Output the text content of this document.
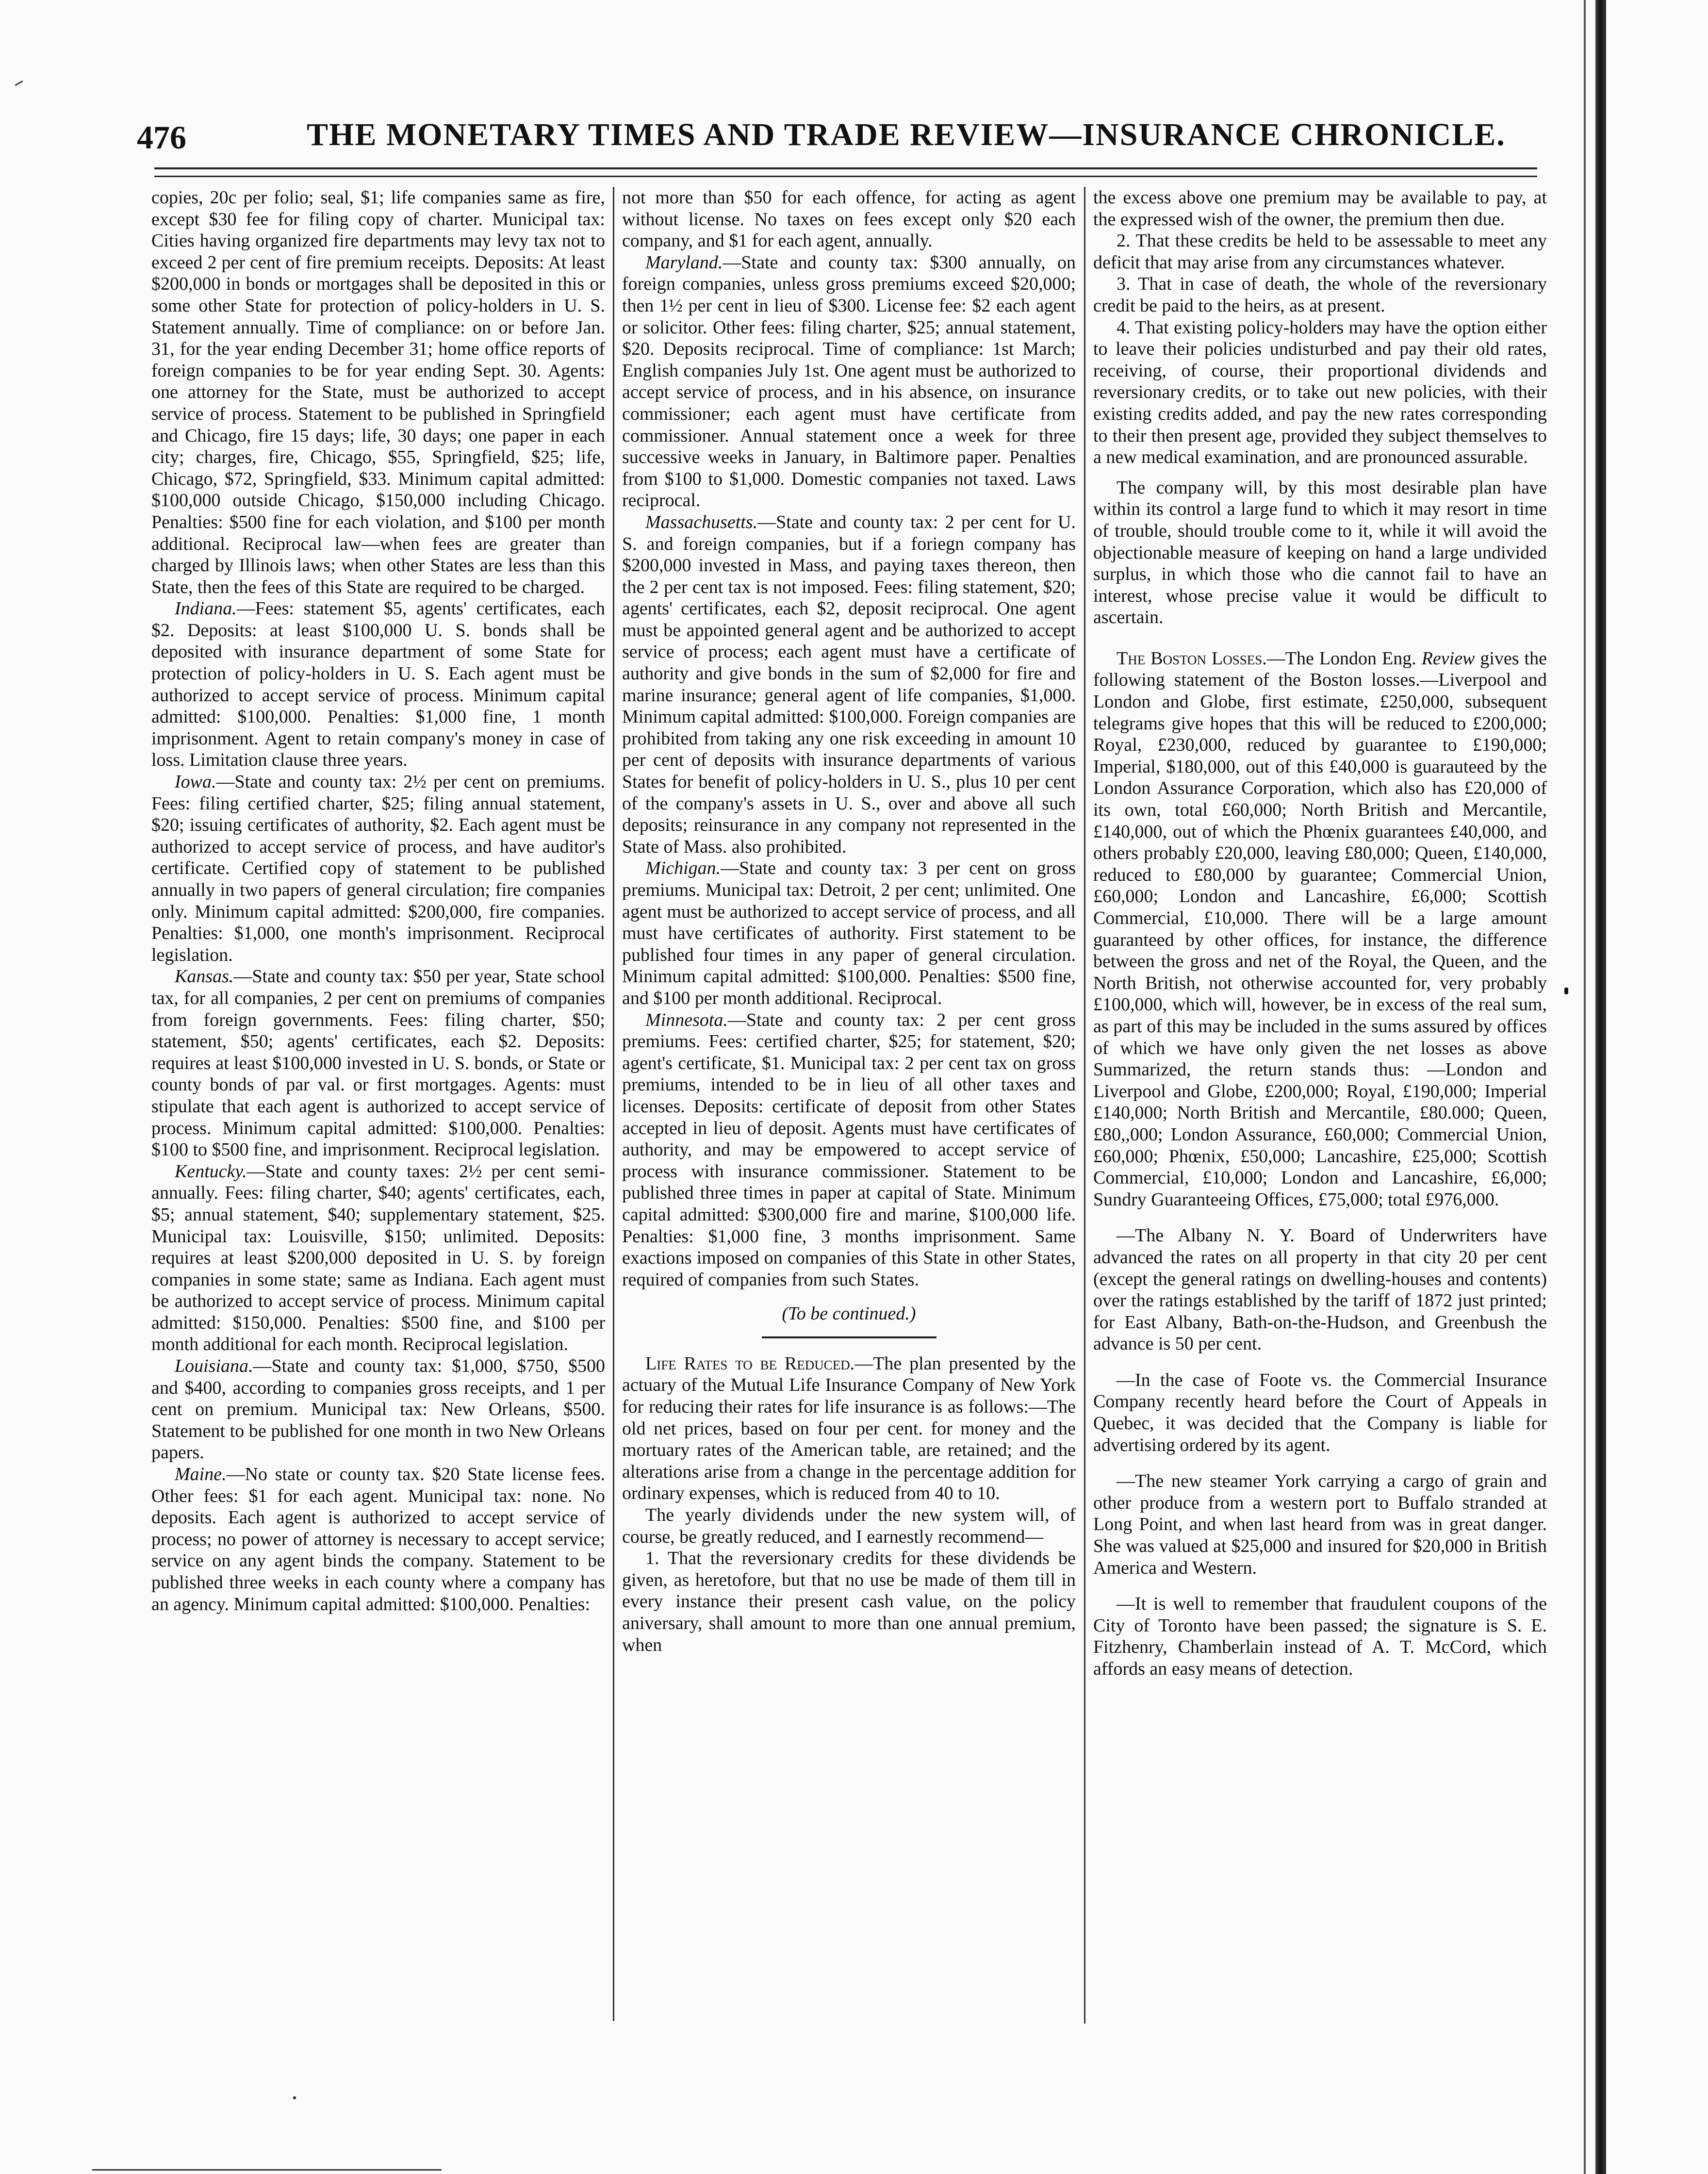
476	THE MONETARY TIMES AND TRADE REVIEW—INSURANCE CHRONICLE.

copies, 20c per folio; seal, $1; life companies same as fire, except $30 fee for filing copy of charter. Municipal tax: Cities having organized fire departments may levy tax not to exceed 2 per cent of fire premium receipts. Deposits: At least $200,000 in bonds or mortgages shall be deposited in this or some other State for protection of policy-holders in U. S. Statement annually. Time of compliance: on or before Jan. 31, for the year ending December 31; home office reports of foreign companies to be for year ending Sept. 30. Agents: one attorney for the State, must be authorized to accept service of process. Statement to be published in Springfield and Chicago, fire 15 days; life, 30 days; one paper in each city; charges, fire, Chicago, $55, Springfield, $25; life, Chicago, $72, Springfield, $33. Minimum capital admitted: $100,000 outside Chicago, $150,000 including Chicago. Penalties: $500 fine for each violation, and $100 per month additional. Reciprocal law—when fees are greater than charged by Illinois laws; when other States are less than this State, then the fees of this State are required to be charged.

Indiana.—Fees: statement $5, agents' certificates, each $2. Deposits: at least $100,000 U. S. bonds shall be deposited with insurance department of some State for protection of policy-holders in U. S. Each agent must be authorized to accept service of process. Minimum capital admitted: $100,000. Penalties: $1,000 fine, 1 month imprisonment. Agent to retain company's money in case of loss. Limitation clause three years.

Iowa.—State and county tax: 2½ per cent on premiums. Fees: filing certified charter, $25; filing annual statement, $20; issuing certificates of authority, $2. Each agent must be authorized to accept service of process, and have auditor's certificate. Certified copy of statement to be published annually in two papers of general circulation; fire companies only. Minimum capital admitted: $200,000, fire companies. Penalties: $1,000, one month's imprisonment. Reciprocal legislation.

Kansas.—State and county tax: $50 per year, State school tax, for all companies, 2 per cent on premiums of companies from foreign governments. Fees: filing charter, $50; statement, $50; agents' certificates, each $2. Deposits: requires at least $100,000 invested in U. S. bonds, or State or county bonds of par val. or first mortgages. Agents: must stipulate that each agent is authorized to accept service of process. Minimum capital admitted: $100,000. Penalties: $100 to $500 fine, and imprisonment. Reciprocal legislation.

Kentucky.—State and county taxes: 2½ per cent semi-annually. Fees: filing charter, $40; agents' certificates, each, $5; annual statement, $40; supplementary statement, $25. Municipal tax: Louisville, $150; unlimited. Deposits: requires at least $200,000 deposited in U. S. by foreign companies in some state; same as Indiana. Each agent must be authorized to accept service of process. Minimum capital admitted: $150,000. Penalties: $500 fine, and $100 per month additional for each month. Reciprocal legislation.

Louisiana.—State and county tax: $1,000, $750, $500 and $400, according to companies gross receipts, and 1 per cent on premium. Municipal tax: New Orleans, $500. Statement to be published for one month in two New Orleans papers.

Maine.—No state or county tax. $20 State license fees. Other fees: $1 for each agent. Municipal tax: none. No deposits. Each agent is authorized to accept service of process; no power of attorney is necessary to accept service; service on any agent binds the company. Statement to be published three weeks in each county where a company has an agency. Minimum capital admitted: $100,000. Penalties:

not more than $50 for each offence, for acting as agent without license. No taxes on fees except only $20 each company, and $1 for each agent, annually.

Maryland.—State and county tax: $300 annually, on foreign companies, unless gross premiums exceed $20,000; then 1½ per cent in lieu of $300. License fee: $2 each agent or solicitor. Other fees: filing charter, $25; annual statement, $20. Deposits reciprocal. Time of compliance: 1st March; English companies July 1st. One agent must be authorized to accept service of process, and in his absence, on insurance commissioner; each agent must have certificate from commissioner. Annual statement once a week for three successive weeks in January, in Baltimore paper. Penalties from $100 to $1,000. Domestic companies not taxed. Laws reciprocal.

Massachusetts.—State and county tax: 2 per cent for U. S. and foreign companies, but if a foriegn company has $200,000 invested in Mass, and paying taxes thereon, then the 2 per cent tax is not imposed. Fees: filing statement, $20; agents' certificates, each $2, deposit reciprocal. One agent must be appointed general agent and be authorized to accept service of process; each agent must have a certificate of authority and give bonds in the sum of $2,000 for fire and marine insurance; general agent of life companies, $1,000. Minimum capital admitted: $100,000. Foreign companies are prohibited from taking any one risk exceeding in amount 10 per cent of deposits with insurance departments of various States for benefit of policy-holders in U. S., plus 10 per cent of the company's assets in U. S., over and above all such deposits; reinsurance in any company not represented in the State of Mass. also prohibited.

Michigan.—State and county tax: 3 per cent on gross premiums. Municipal tax: Detroit, 2 per cent; unlimited. One agent must be authorized to accept service of process, and all must have certificates of authority. First statement to be published four times in any paper of general circulation. Minimum capital admitted: $100,000. Penalties: $500 fine, and $100 per month additional. Reciprocal.

Minnesota.—State and county tax: 2 per cent gross premiums. Fees: certified charter, $25; for statement, $20; agent's certificate, $1. Municipal tax: 2 per cent tax on gross premiums, intended to be in lieu of all other taxes and licenses. Deposits: certificate of deposit from other States accepted in lieu of deposit. Agents must have certificates of authority, and may be empowered to accept service of process with insurance commissioner. Statement to be published three times in paper at capital of State. Minimum capital admitted: $300,000 fire and marine, $100,000 life. Penalties: $1,000 fine, 3 months imprisonment. Same exactions imposed on companies of this State in other States, required of companies from such States.

(To be continued.)

Life Rates to be Reduced.—The plan presented by the actuary of the Mutual Life Insurance Company of New York for reducing their rates for life insurance is as follows:—The old net prices, based on four per cent. for money and the mortuary rates of the American table, are retained; and the alterations arise from a change in the percentage addition for ordinary expenses, which is reduced from 40 to 10.

The yearly dividends under the new system will, of course, be greatly reduced, and I earnestly recommend—

1. That the reversionary credits for these dividends be given, as heretofore, but that no use be made of them till in every instance their present cash value, on the policy aniversary, shall amount to more than one annual premium, when

the excess above one premium may be available to pay, at the expressed wish of the owner, the premium then due.

2. That these credits be held to be assessable to meet any deficit that may arise from any circumstances whatever.

3. That in case of death, the whole of the reversionary credit be paid to the heirs, as at present.

4. That existing policy-holders may have the option either to leave their policies undisturbed and pay their old rates, receiving, of course, their proportional dividends and reversionary credits, or to take out new policies, with their existing credits added, and pay the new rates corresponding to their then present age, provided they subject themselves to a new medical examination, and are pronounced assurable.

The company will, by this most desirable plan have within its control a large fund to which it may resort in time of trouble, should trouble come to it, while it will avoid the objectionable measure of keeping on hand a large undivided surplus, in which those who die cannot fail to have an interest, whose precise value it would be difficult to ascertain.

The Boston Losses.—The London Eng. Review gives the following statement of the Boston losses.—Liverpool and London and Globe, first estimate, £250,000, subsequent telegrams give hopes that this will be reduced to £200,000; Royal, £230,000, reduced by guarantee to £190,000; Imperial, $180,000, out of this £40,000 is guarauteed by the London Assurance Corporation, which also has £20,000 of its own, total £60,000; North British and Mercantile, £140,000, out of which the Phœnix guarantees £40,000, and others probably £20,000, leaving £80,000; Queen, £140,000, reduced to £80,000 by guarantee; Commercial Union, £60,000; London and Lancashire, £6,000; Scottish Commercial, £10,000. There will be a large amount guaranteed by other offices, for instance, the difference between the gross and net of the Royal, the Queen, and the North British, not otherwise accounted for, very probably £100,000, which will, however, be in excess of the real sum, as part of this may be included in the sums assured by offices of which we have only given the net losses as above Summarized, the return stands thus: —London and Liverpool and Globe, £200,000; Royal, £190,000; Imperial £140,000; North British and Mercantile, £80.000; Queen, £80,,000; London Assurance, £60,000; Commercial Union, £60,000; Phœnix, £50,000; Lancashire, £25,000; Scottish Commercial, £10,000; London and Lancashire, £6,000; Sundry Guaranteeing Offices, £75,000; total £976,000.

—The Albany N. Y. Board of Underwriters have advanced the rates on all property in that city 20 per cent (except the general ratings on dwelling-houses and contents) over the ratings established by the tariff of 1872 just printed; for East Albany, Bath-on-the-Hudson, and Greenbush the advance is 50 per cent.

—In the case of Foote vs. the Commercial Insurance Company recently heard before the Court of Appeals in Quebec, it was decided that the Company is liable for advertising ordered by its agent.

—The new steamer York carrying a cargo of grain and other produce from a western port to Buffalo stranded at Long Point, and when last heard from was in great danger. She was valued at $25,000 and insured for $20,000 in British America and Western.

—It is well to remember that fraudulent coupons of the City of Toronto have been passed; the signature is S. E. Fitzhenry, Chamberlain instead of A. T. McCord, which affords an easy means of detection.
